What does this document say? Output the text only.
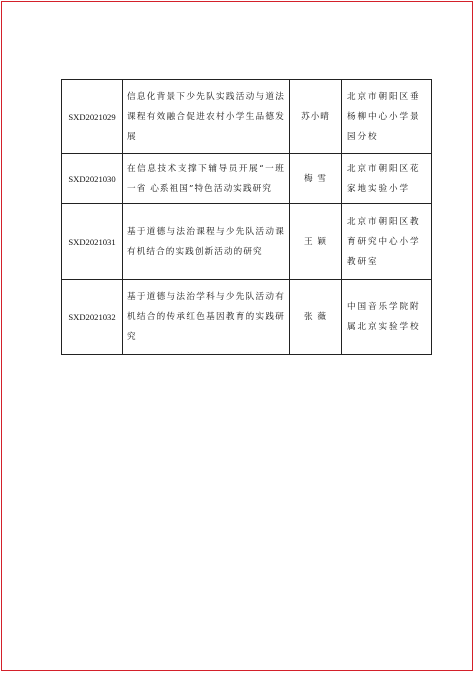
SXD2021029	信息化背景下少先队实践活动与道法课程有效融合促进农村小学生品德发展	苏小晴	北京市朝阳区垂杨柳中心小学景园分校
SXD2021030	在信息技术支撑下辅导员开展“一班一省 心系祖国”特色活动实践研究	梅 雪	北京市朝阳区花家地实验小学
SXD2021031	基于道德与法治课程与少先队活动课有机结合的实践创新活动的研究	王 颖	北京市朝阳区教育研究中心小学教研室
SXD2021032	基于道德与法治学科与少先队活动有机结合的传承红色基因教育的实践研究	张 薇	中国音乐学院附属北京实验学校
